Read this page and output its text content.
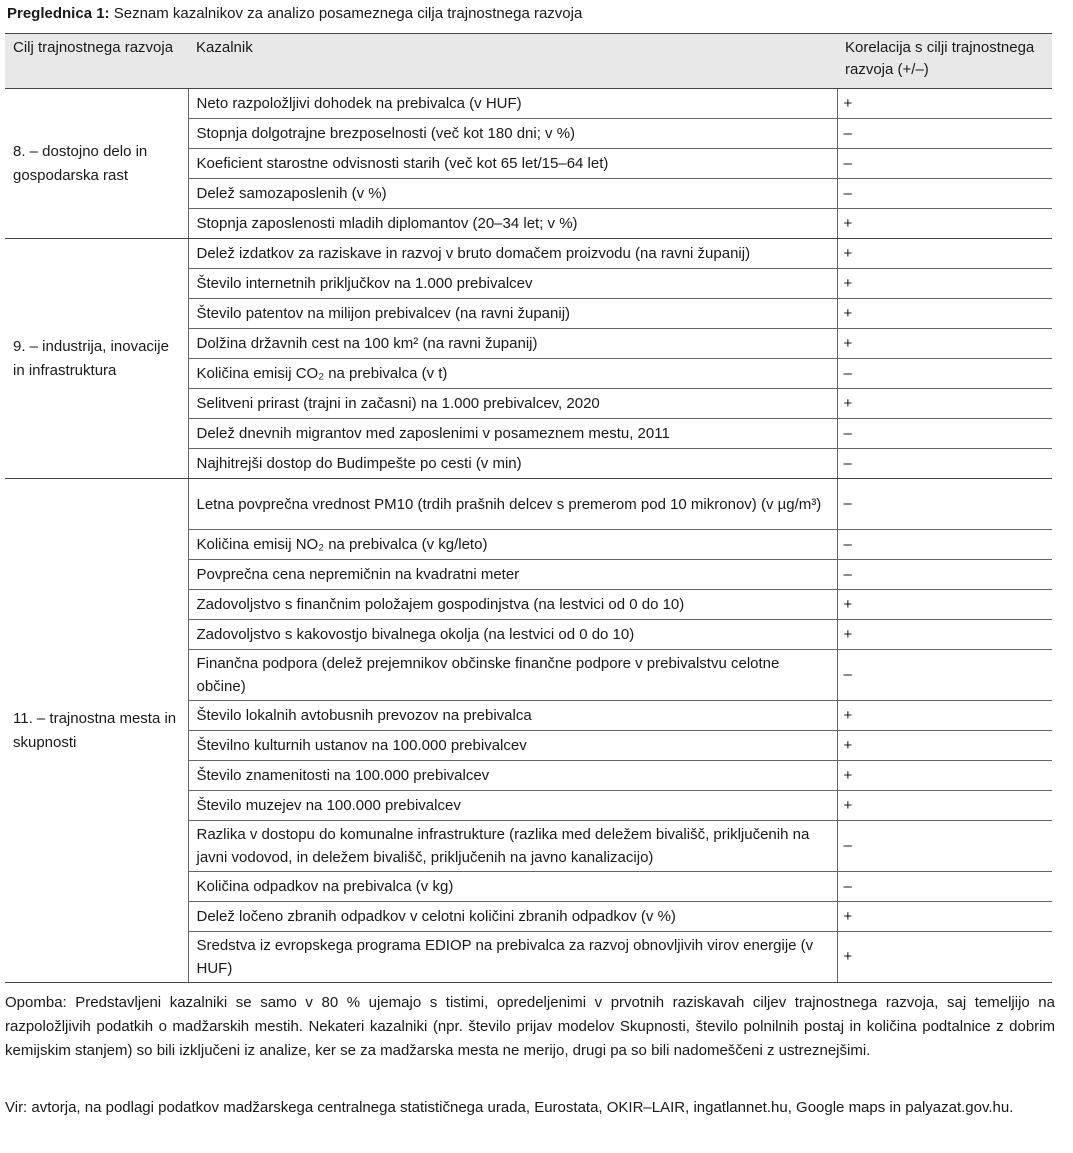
Preglednica 1: Seznam kazalnikov za analizo posameznega cilja trajnostnega razvoja
Cilj trajnostnega razvoja	Kazalnik	Korelacija s cilji trajnostnega razvoja (+/–)
8. – dostojno delo in gospodarska rast	Neto razpoložljivi dohodek na prebivalca (v HUF)	+
	Stopnja dolgotrajne brezposelnosti (več kot 180 dni; v %)	–
	Koeficient starostne odvisnosti starih (več kot 65 let/15–64 let)	–
	Delež samozaposlenih (v %)	–
	Stopnja zaposlenosti mladih diplomantov (20–34 let; v %)	+
9. – industrija, inovacije in infrastruktura	Delež izdatkov za raziskave in razvoj v bruto domačem proizvodu (na ravni županij)	+
	Število internetnih priključkov na 1.000 prebivalcev	+
	Število patentov na milijon prebivalcev (na ravni županij)	+
	Dolžina državnih cest na 100 km² (na ravni županij)	+
	Količina emisij CO₂ na prebivalca (v t)	–
	Selitveni prirast (trajni in začasni) na 1.000 prebivalcev, 2020	+
	Delež dnevnih migrantov med zaposlenimi v posameznem mestu, 2011	–
	Najhitrejši dostop do Budimpešte po cesti (v min)	–
11. – trajnostna mesta in skupnosti	Letna povprečna vrednost PM10 (trdih prašnih delcev s premerom pod 10 mikronov) (v µg/m³)	–
	Količina emisij NO₂ na prebivalca (v kg/leto)	–
	Povprečna cena nepremičnin na kvadratni meter	–
	Zadovoljstvo s finančnim položajem gospodinjstva (na lestvici od 0 do 10)	+
	Zadovoljstvo s kakovostjo bivalnega okolja (na lestvici od 0 do 10)	+
	Finančna podpora (delež prejemnikov občinske finančne podpore v prebivalstvu celotne občine)	–
	Število lokalnih avtobusnih prevozov na prebivalca	+
	Številno kulturnih ustanov na 100.000 prebivalcev	+
	Število znamenitosti na 100.000 prebivalcev	+
	Število muzejev na 100.000 prebivalcev	+
	Razlika v dostopu do komunalne infrastrukture (razlika med deležem bivališč, priključenih na javni vodovod, in deležem bivališč, priključenih na javno kanalizacijo)	–
	Količina odpadkov na prebivalca (v kg)	–
	Delež ločeno zbranih odpadkov v celotni količini zbranih odpadkov (v %)	+
	Sredstva iz evropskega programa EDIOP na prebivalca za razvoj obnovljivih virov energije (v HUF)	+
Opomba: Predstavljeni kazalniki se samo v 80 % ujemajo s tistimi, opredeljenimi v prvotnih raziskavah ciljev trajnostnega razvoja, saj temeljijo na razpoložljivih podatkih o madžarskih mestih. Nekateri kazalniki (npr. število prijav modelov Skupnosti, število polnilnih postaj in količina podtalnice z dobrim kemijskim stanjem) so bili izključeni iz analize, ker se za madžarska mesta ne merijo, drugi pa so bili nadomeščeni z ustreznejšimi.
Vir: avtorja, na podlagi podatkov madžarskega centralnega statističnega urada, Eurostata, OKIR–LAIR, ingatlannet.hu, Google maps in palyazat.gov.hu.
